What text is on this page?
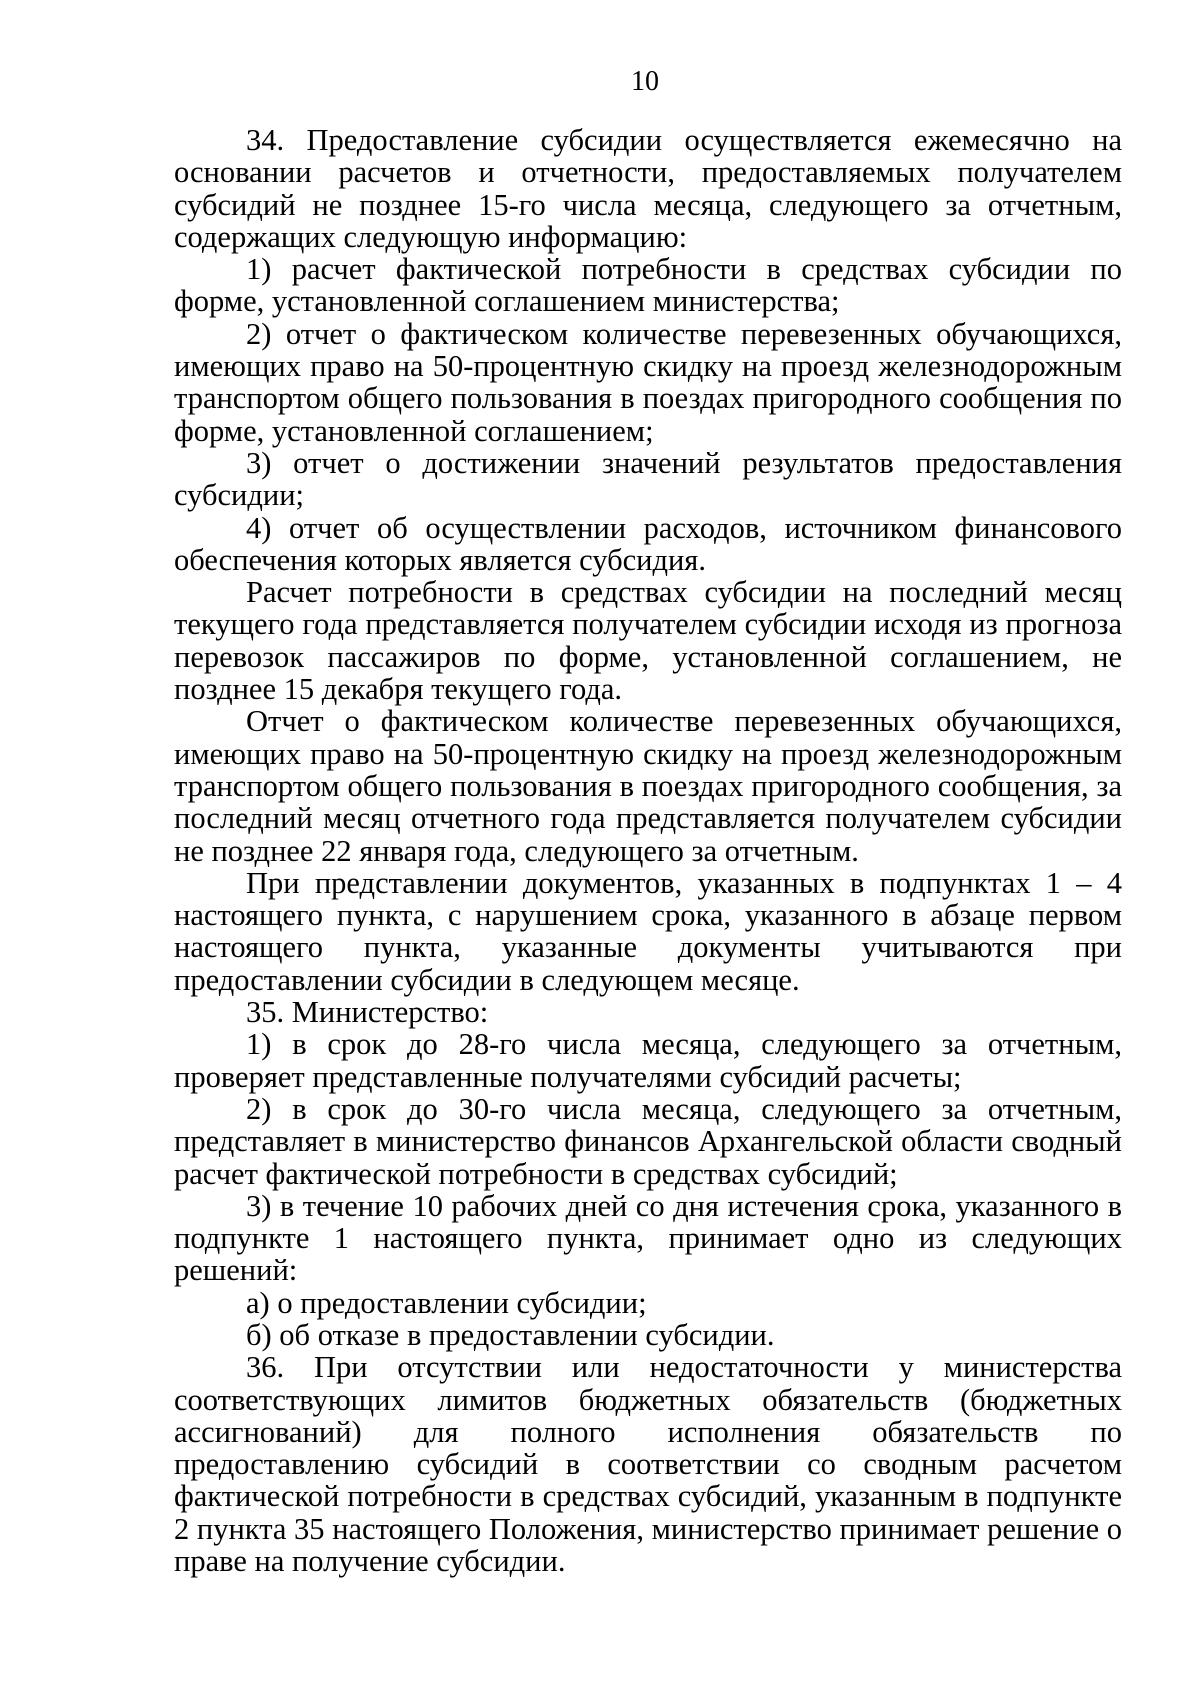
10

34. Предоставление субсидии осуществляется ежемесячно на основании расчетов и отчетности, предоставляемых получателем субсидий не позднее 15-го числа месяца, следующего за отчетным, содержащих следующую информацию:

1) расчет фактической потребности в средствах субсидии по форме, установленной соглашением министерства;

2) отчет о фактическом количестве перевезенных обучающихся, имеющих право на 50-процентную скидку на проезд железнодорожным транспортом общего пользования в поездах пригородного сообщения по форме, установленной соглашением;

3) отчет о достижении значений результатов предоставления субсидии;

4) отчет об осуществлении расходов, источником финансового обеспечения которых является субсидия.

Расчет потребности в средствах субсидии на последний месяц текущего года представляется получателем субсидии исходя из прогноза перевозок пассажиров по форме, установленной соглашением, не позднее 15 декабря текущего года.

Отчет о фактическом количестве перевезенных обучающихся, имеющих право на 50-процентную скидку на проезд железнодорожным транспортом общего пользования в поездах пригородного сообщения, за последний месяц отчетного года представляется получателем субсидии не позднее 22 января года, следующего за отчетным.

При представлении документов, указанных в подпунктах 1 – 4 настоящего пункта, с нарушением срока, указанного в абзаце первом настоящего пункта, указанные документы учитываются при предоставлении субсидии в следующем месяце.

35. Министерство:

1) в срок до 28-го числа месяца, следующего за отчетным, проверяет представленные получателями субсидий расчеты;

2) в срок до 30-го числа месяца, следующего за отчетным, представляет в министерство финансов Архангельской области сводный расчет фактической потребности в средствах субсидий;

3) в течение 10 рабочих дней со дня истечения срока, указанного в подпункте 1 настоящего пункта, принимает одно из следующих решений:

а) о предоставлении субсидии;

б) об отказе в предоставлении субсидии.

36. При отсутствии или недостаточности у министерства соответствующих лимитов бюджетных обязательств (бюджетных ассигнований) для полного исполнения обязательств по предоставлению субсидий в соответствии со сводным расчетом фактической потребности в средствах субсидий, указанным в подпункте 2 пункта 35 настоящего Положения, министерство принимает решение о праве на получение субсидии.
